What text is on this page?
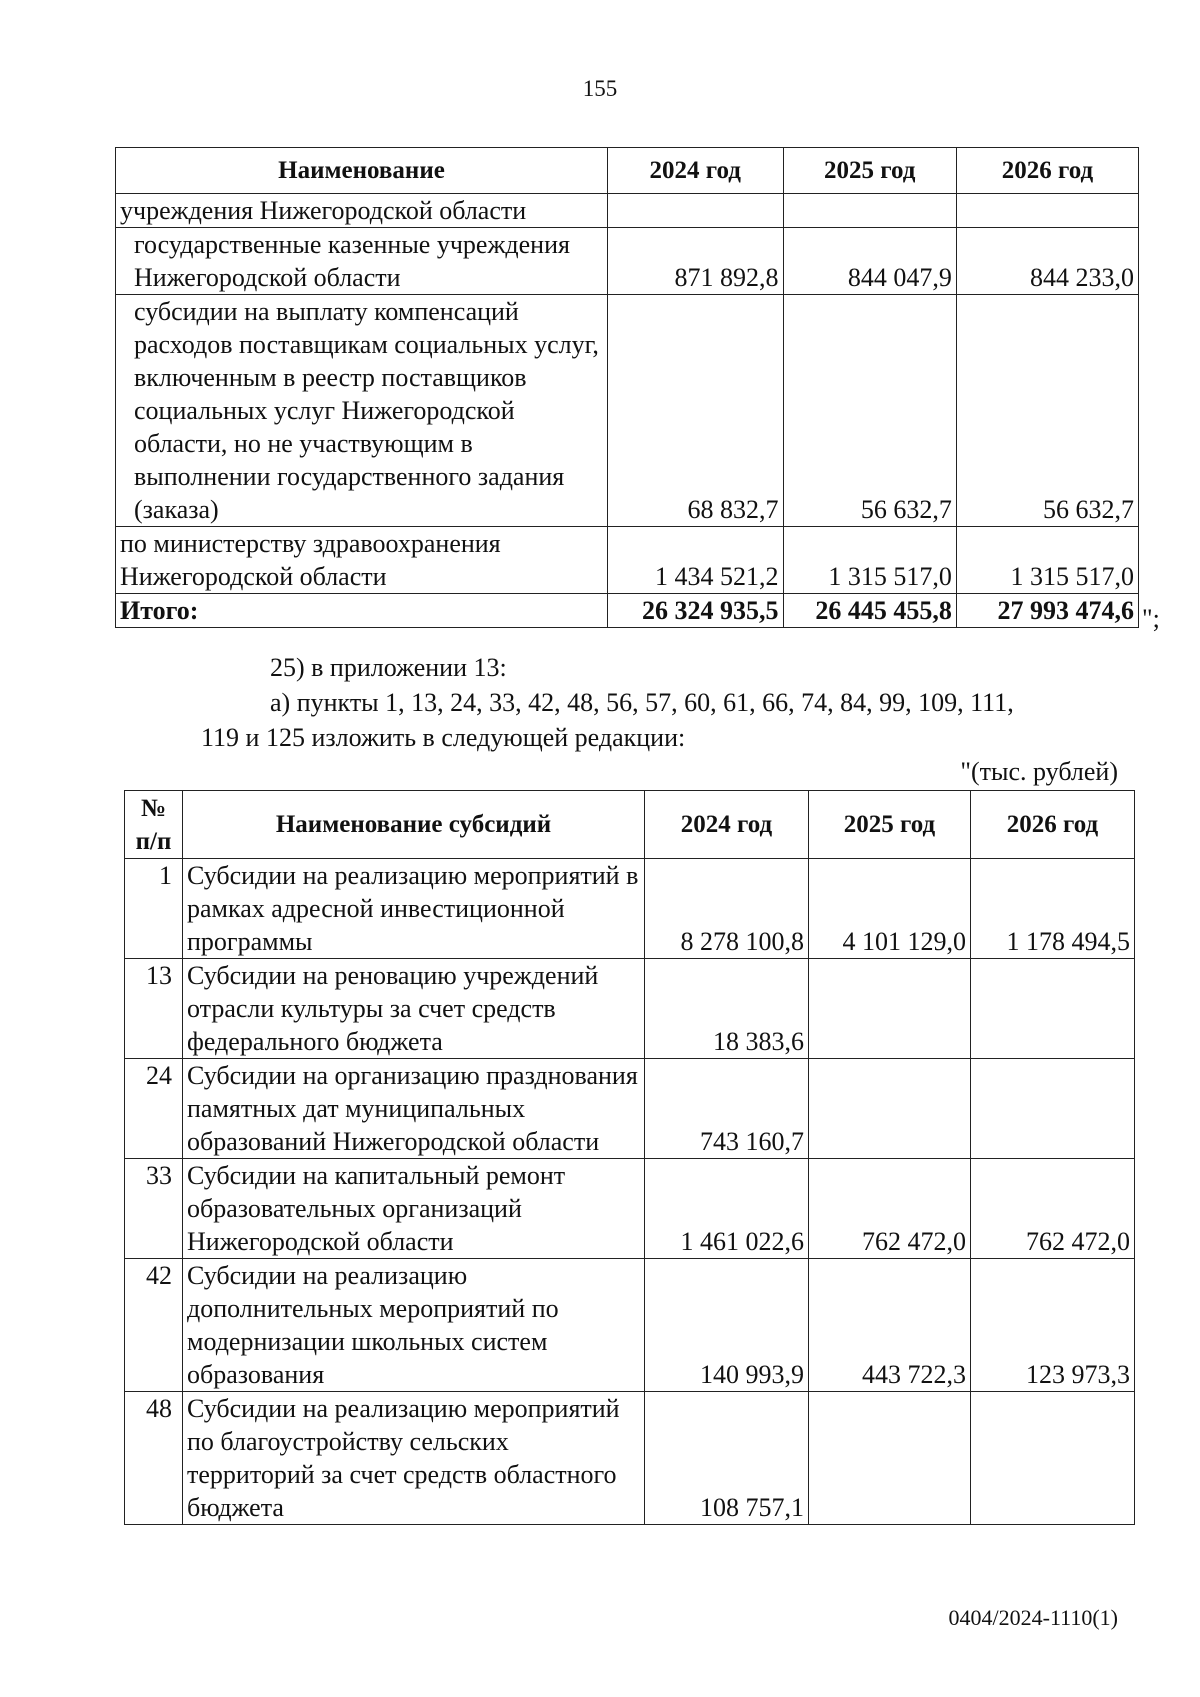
155
Наименование	2024 год	2025 год	2026 год
учреждения Нижегородской области			
государственные казенные учреждения Нижегородской области	871 892,8	844 047,9	844 233,0
субсидии на выплату компенсаций расходов поставщикам социальных услуг, включенным в реестр поставщиков социальных услуг Нижегородской области, но не участвующим в выполнении государственного задания (заказа)	68 832,7	56 632,7	56 632,7
по министерству здравоохранения Нижегородской области	1 434 521,2	1 315 517,0	1 315 517,0
Итого:	26 324 935,5	26 445 455,8	27 993 474,6 ";
25) в приложении 13:
а) пункты 1, 13, 24, 33, 42, 48, 56, 57, 60, 61, 66, 74, 84, 99, 109, 111,
119 и 125 изложить в следующей редакции:
"(тыс. рублей)
№ п/п	Наименование субсидий	2024 год	2025 год	2026 год
1	Субсидии на реализацию мероприятий в рамках адресной инвестиционной программы	8 278 100,8	4 101 129,0	1 178 494,5
13	Субсидии на реновацию учреждений отрасли культуры за счет средств федерального бюджета	18 383,6		
24	Субсидии на организацию празднования памятных дат муниципальных образований Нижегородской области	743 160,7		
33	Субсидии на капитальный ремонт образовательных организаций Нижегородской области	1 461 022,6	762 472,0	762 472,0
42	Субсидии на реализацию дополнительных мероприятий по модернизации школьных систем образования	140 993,9	443 722,3	123 973,3
48	Субсидии на реализацию мероприятий по благоустройству сельских территорий за счет средств областного бюджета	108 757,1		
0404/2024-1110(1)
